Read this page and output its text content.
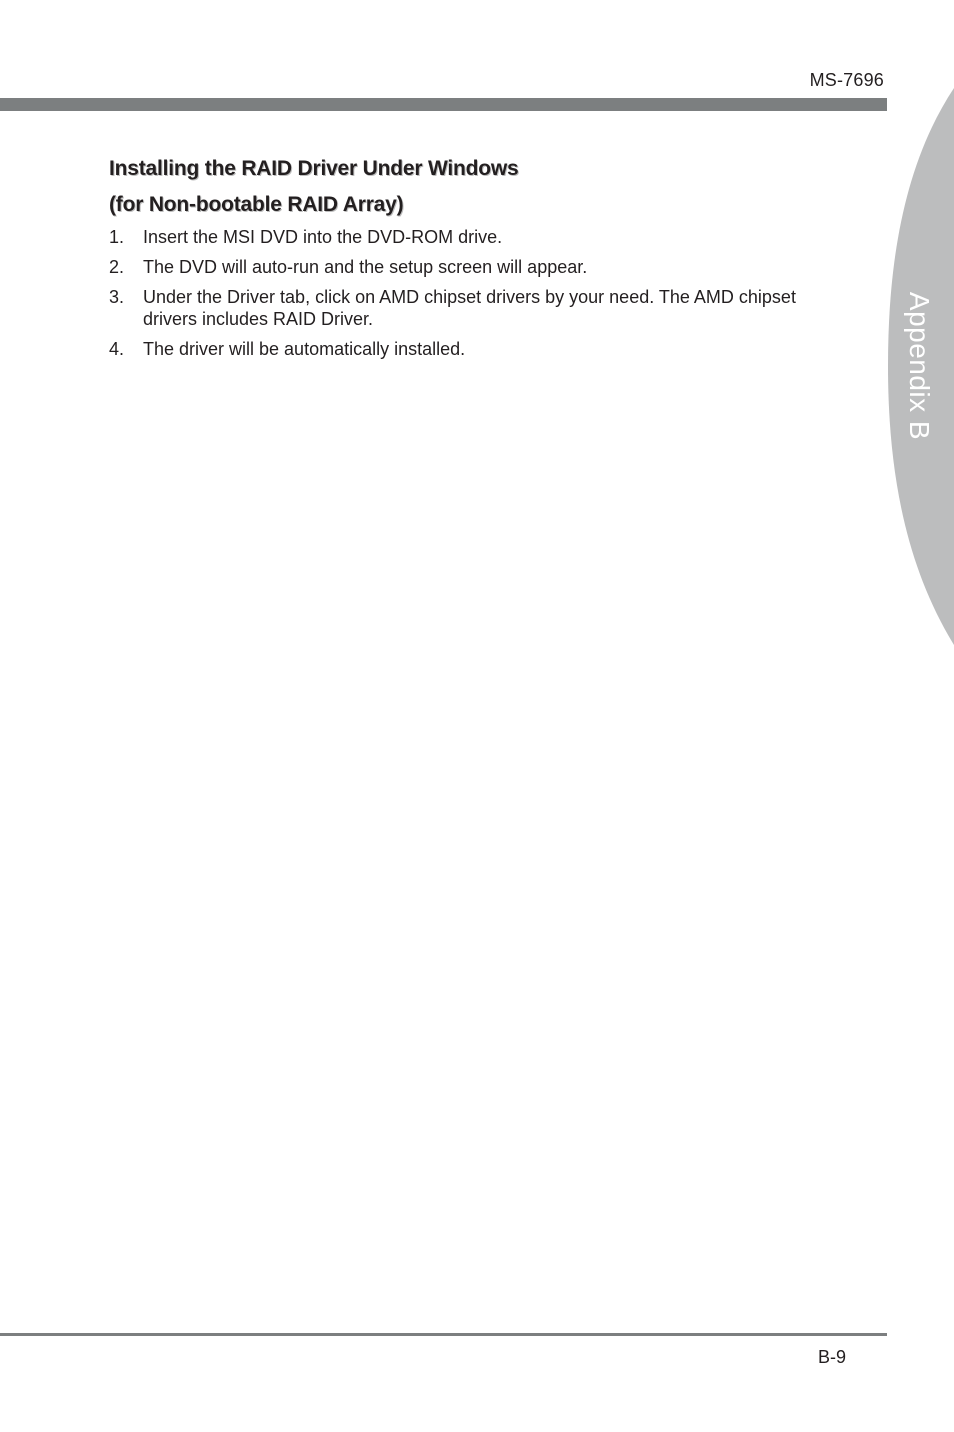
MS-7696
Appendix B
Installing the RAID Driver Under Windows
(for Non-bootable RAID Array)
1.	Insert the MSI DVD into the DVD-ROM drive.
2.	The DVD will auto-run and the setup screen will appear.
3.	Under the Driver tab, click on AMD chipset drivers by your need. The AMD chipset drivers includes RAID Driver.
4.	The driver will be automatically installed.
B-9
